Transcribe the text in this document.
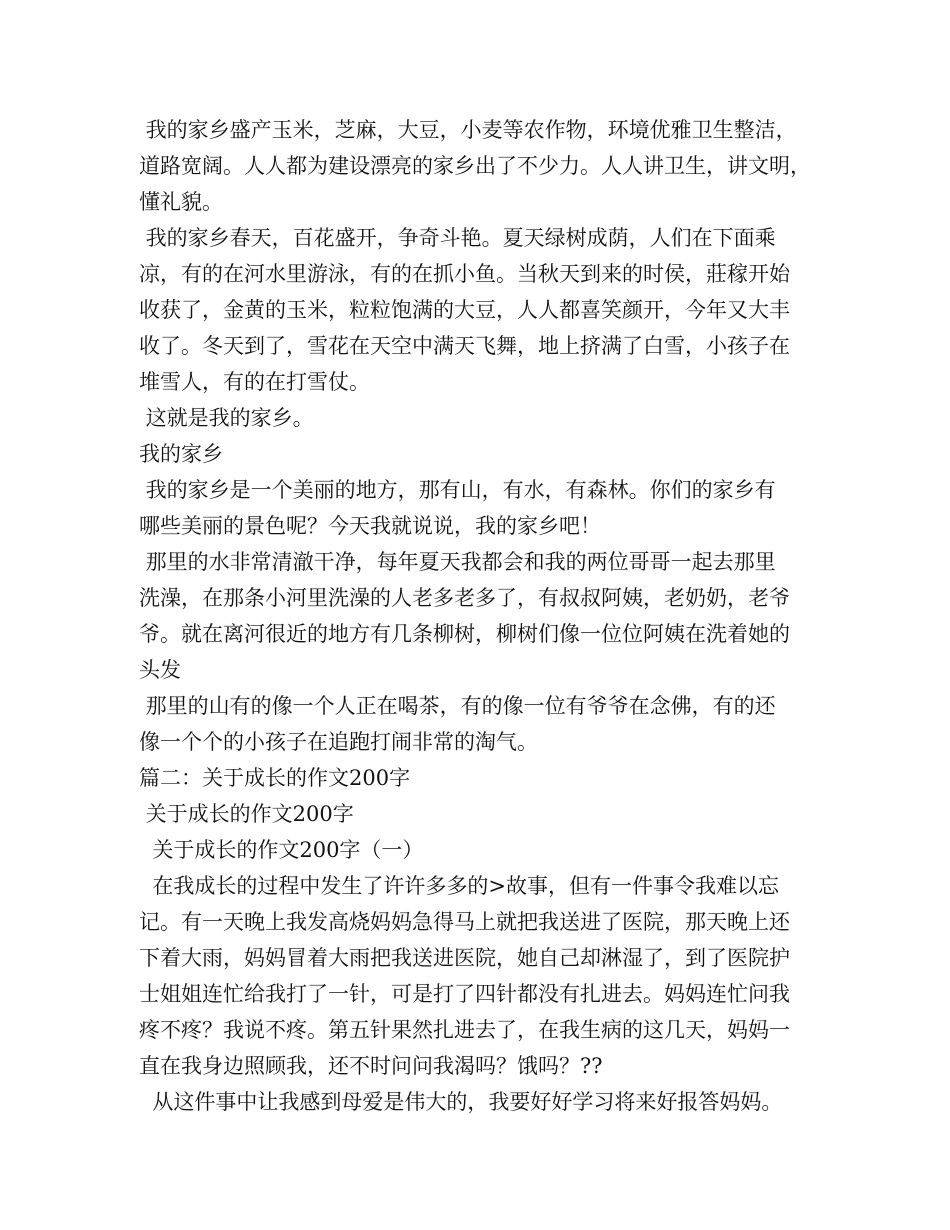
我的家乡盛产玉米，芝麻，大豆，小麦等农作物，环境优雅卫生整洁，
道路宽阔。人人都为建设漂亮的家乡出了不少力。人人讲卫生，讲文明，
懂礼貌。
我的家乡春天，百花盛开，争奇斗艳。夏天绿树成荫，人们在下面乘
凉，有的在河水里游泳，有的在抓小鱼。当秋天到来的时侯，莊稼开始
收获了，金黄的玉米，粒粒饱满的大豆，人人都喜笑颜开，今年又大丰
收了。冬天到了，雪花在天空中满天飞舞，地上挤满了白雪，小孩子在
堆雪人，有的在打雪仗。
这就是我的家乡。
我的家乡
我的家乡是一个美丽的地方，那有山，有水，有森林。你们的家乡有
哪些美丽的景色呢？今天我就说说，我的家乡吧！
那里的水非常清澈干净，每年夏天我都会和我的两位哥哥一起去那里
洗澡，在那条小河里洗澡的人老多老多了，有叔叔阿姨，老奶奶，老爷
爷。就在离河很近的地方有几条柳树，柳树们像一位位阿姨在洗着她的
头发
那里的山有的像一个人正在喝茶，有的像一位有爷爷在念佛，有的还
像一个个的小孩子在追跑打闹非常的淘气。
篇二：关于成长的作文200字
关于成长的作文200字
关于成长的作文200字（一）
在我成长的过程中发生了许许多多的>故事，但有一件事令我难以忘
记。有一天晚上我发高烧妈妈急得马上就把我送进了医院，那天晚上还
下着大雨，妈妈冒着大雨把我送进医院，她自己却淋湿了，到了医院护
士姐姐连忙给我打了一针，可是打了四针都没有扎进去。妈妈连忙问我
疼不疼？我说不疼。第五针果然扎进去了，在我生病的这几天，妈妈一
直在我身边照顾我，还不时问问我渴吗？饿吗？??
从这件事中让我感到母爱是伟大的，我要好好学习将来好报答妈妈。
